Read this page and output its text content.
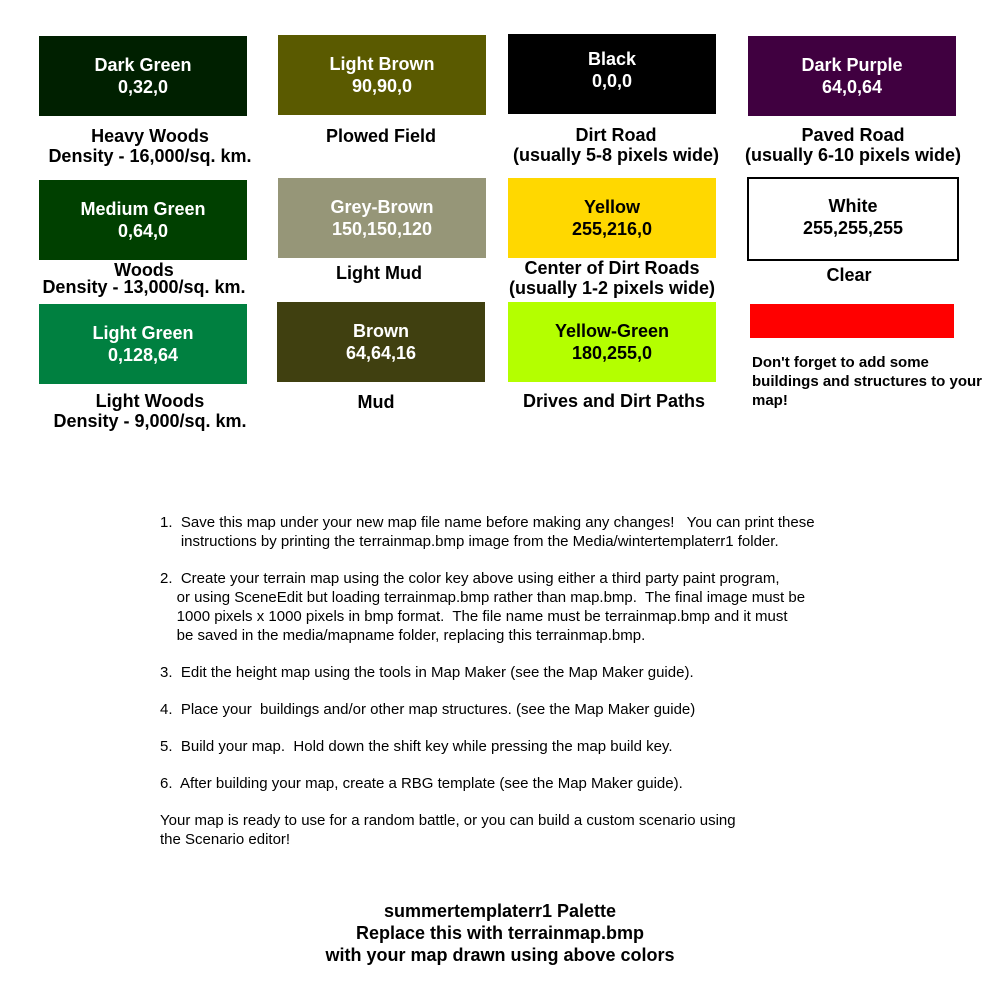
Dark Green
0,32,0
Light Brown
90,90,0
Black
0,0,0
Dark Purple
64,0,64
Heavy Woods
Density - 16,000/sq. km.
Plowed Field	Dirt Road
(usually 5-8 pixels wide)
Paved Road
(usually 6-10 pixels wide)
Medium Green
0,64,0
Grey-Brown
150,150,120
Yellow
255,216,0
White
255,255,255
Woods
Density - 13,000/sq. km.
Light Mud	Center of Dirt Roads
(usually 1-2 pixels wide)
Clear
Light Green
0,128,64
Brown
64,64,16
Yellow-Green
180,255,0
Light Woods
Density - 9,000/sq. km.
Mud	Drives and Dirt Paths
Don't forget to add some buildings and structures to your map!
1.  Save this map under your new map file name before making any changes!   You can print these
instructions by printing the terrainmap.bmp image from the Media/wintertemplaterr1 folder.
2.  Create your terrain map using the color key above using either a third party paint program,
or using SceneEdit but loading terrainmap.bmp rather than map.bmp.  The final image must be
1000 pixels x 1000 pixels in bmp format.  The file name must be terrainmap.bmp and it must
be saved in the media/mapname folder, replacing this terrainmap.bmp.
3.  Edit the height map using the tools in Map Maker (see the Map Maker guide).
4.  Place your  buildings and/or other map structures. (see the Map Maker guide)
5.  Build your map.  Hold down the shift key while pressing the map build key.
6.  After building your map, create a RBG template (see the Map Maker guide).
Your map is ready to use for a random battle, or you can build a custom scenario using
the Scenario editor!
summertemplaterr1 Palette
Replace this with terrainmap.bmp
with your map drawn using above colors
